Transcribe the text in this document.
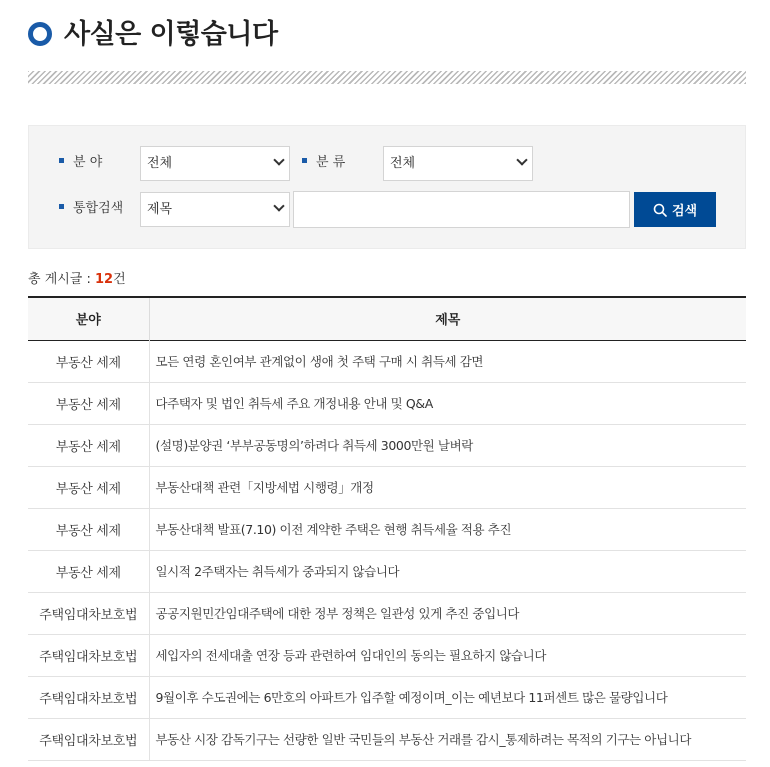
사실은 이렇습니다
분 야	전체	분 류	전체
통합검색 제목	검색
총 게시글 : 12건
분야	제목
부동산 세제	모든 연령 혼인여부 관계없이 생애 첫 주택 구매 시 취득세 감면
부동산 세제	다주택자 및 법인 취득세 주요 개정내용 안내 및 Q&A
부동산 세제	(설명)분양권 ‘부부공동명의’하려다 취득세 3000만원 날벼락
부동산 세제	부동산대책 관련「지방세법 시행령」개정
부동산 세제	부동산대책 발표(7.10) 이전 계약한 주택은 현행 취득세율 적용 추진
부동산 세제	일시적 2주택자는 취득세가 중과되지 않습니다
주택임대차보호법	공공지원민간임대주택에 대한 정부 정책은 일관성 있게 추진 중입니다
주택임대차보호법	세입자의 전세대출 연장 등과 관련하여 임대인의 동의는 필요하지 않습니다
주택임대차보호법	9월이후 수도권에는 6만호의 아파트가 입주할 예정이며_이는 예년보다 11퍼센트 많은 물량입니다
주택임대차보호법	부동산 시장 감독기구는 선량한 일반 국민들의 부동산 거래를 감시_통제하려는 목적의 기구는 아닙니다
